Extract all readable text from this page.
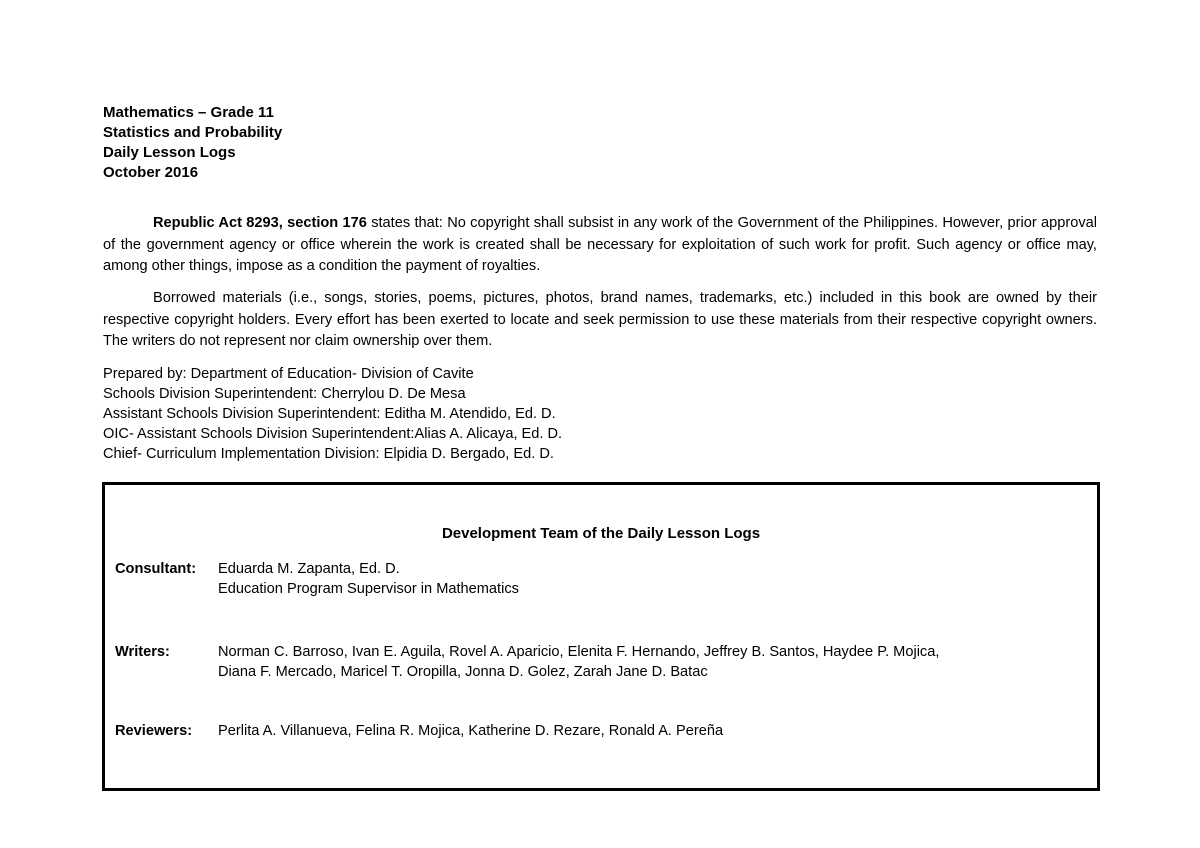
Mathematics – Grade 11
Statistics and Probability
Daily Lesson Logs
October 2016

Republic Act 8293, section 176 states that: No copyright shall subsist in any work of the Government of the Philippines. However, prior approval of the government agency or office wherein the work is created shall be necessary for exploitation of such work for profit. Such agency or office may, among other things, impose as a condition the payment of royalties.

Borrowed materials (i.e., songs, stories, poems, pictures, photos, brand names, trademarks, etc.) included in this book are owned by their respective copyright holders. Every effort has been exerted to locate and seek permission to use these materials from their respective copyright owners. The writers do not represent nor claim ownership over them.

Prepared by: Department of Education- Division of Cavite
Schools Division Superintendent: Cherrylou D. De Mesa
Assistant Schools Division Superintendent: Editha M. Atendido, Ed. D.
OIC- Assistant Schools Division Superintendent:Alias A. Alicaya, Ed. D.
Chief- Curriculum Implementation Division: Elpidia D. Bergado, Ed. D.
Development Team of the Daily Lesson Logs
Consultant: Eduarda M. Zapanta, Ed. D.
Education Program Supervisor in Mathematics
Writers:	Norman C. Barroso, Ivan E. Aguila, Rovel A. Aparicio, Elenita F. Hernando, Jeffrey B. Santos, Haydee P. Mojica,
Diana F. Mercado, Maricel T. Oropilla, Jonna D. Golez, Zarah Jane D. Batac
Reviewers: Perlita A. Villanueva, Felina R. Mojica, Katherine D. Rezare, Ronald A. Pereña
